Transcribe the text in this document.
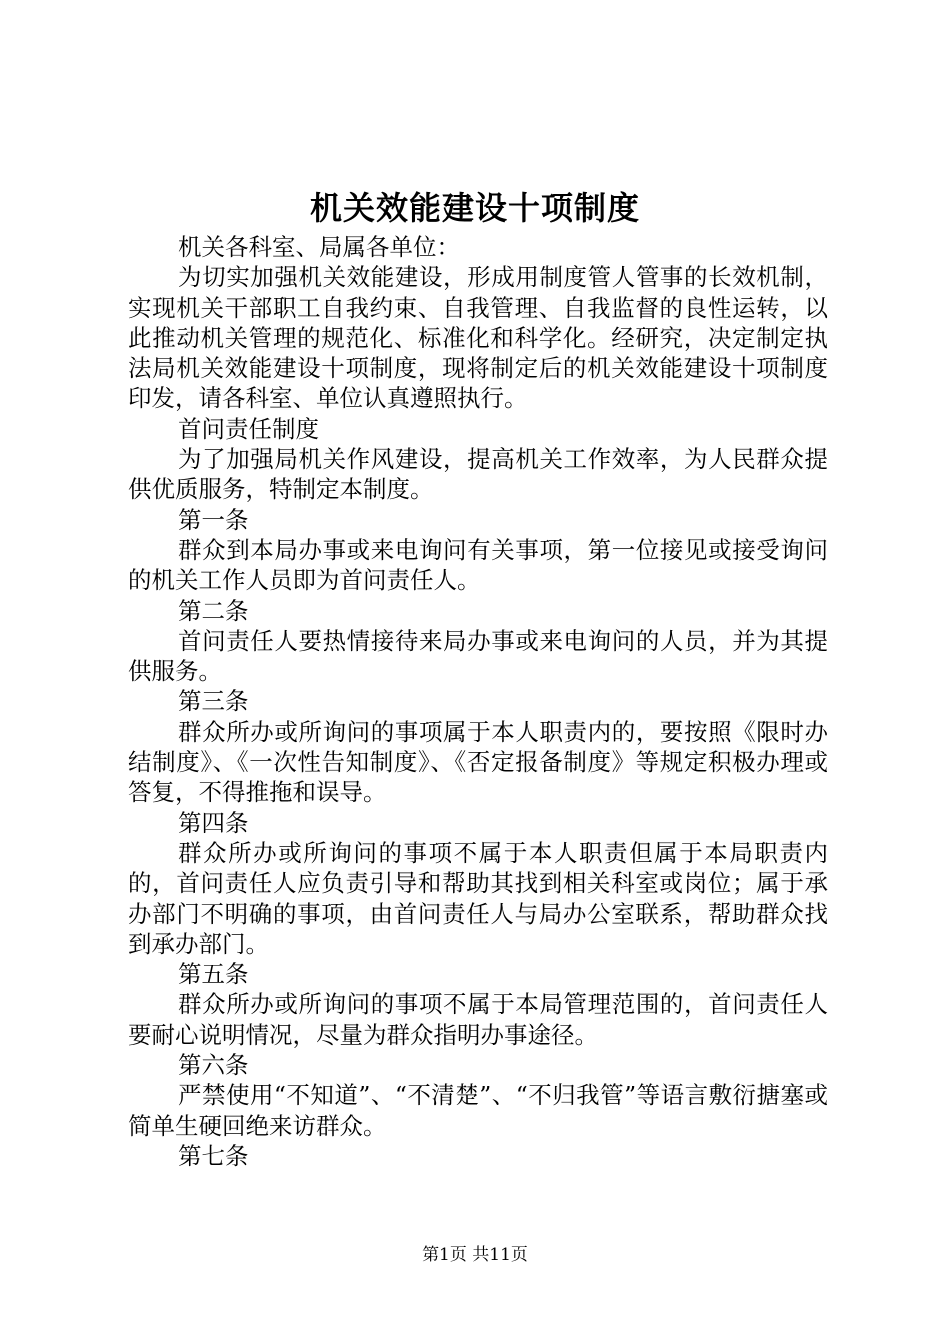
机关效能建设十项制度

机关各科室、局属各单位：

为切实加强机关效能建设，形成用制度管人管事的长效机制，实现机关干部职工自我约束、自我管理、自我监督的良性运转，以此推动机关管理的规范化、标准化和科学化。经研究，决定制定执法局机关效能建设十项制度，现将制定后的机关效能建设十项制度印发，请各科室、单位认真遵照执行。

首问责任制度

为了加强局机关作风建设，提高机关工作效率，为人民群众提供优质服务，特制定本制度。

第一条

群众到本局办事或来电询问有关事项，第一位接见或接受询问的机关工作人员即为首问责任人。

第二条

首问责任人要热情接待来局办事或来电询问的人员，并为其提供服务。

第三条

群众所办或所询问的事项属于本人职责内的，要按照《限时办结制度》、《一次性告知制度》、《否定报备制度》等规定积极办理或答复，不得推拖和误导。

第四条

群众所办或所询问的事项不属于本人职责但属于本局职责内的，首问责任人应负责引导和帮助其找到相关科室或岗位；属于承办部门不明确的事项，由首问责任人与局办公室联系，帮助群众找到承办部门。

第五条

群众所办或所询问的事项不属于本局管理范围的，首问责任人要耐心说明情况，尽量为群众指明办事途径。

第六条

严禁使用“不知道”、“不清楚”、“不归我管”等语言敷衍搪塞或简单生硬回绝来访群众。

第七条

第1页 共11页
